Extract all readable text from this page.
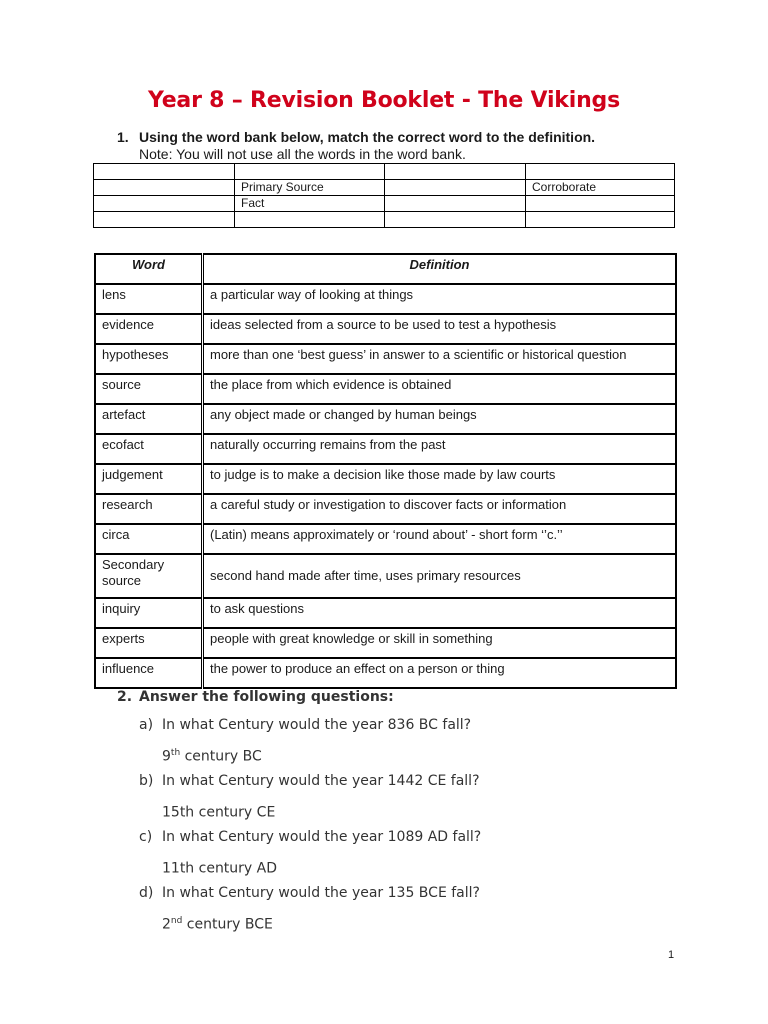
Year 8 – Revision Booklet - The Vikings
1. Using the word bank below, match the correct word to the definition.
Note: You will not use all the words in the word bank.

	Primary Source		Corroborate
	Fact		

Word	Definition
lens	a particular way of looking at things
evidence	ideas selected from a source to be used to test a hypothesis
hypotheses	more than one ‘best guess’ in answer to a scientific or historical question
source	the place from which evidence is obtained
artefact	any object made or changed by human beings
ecofact	naturally occurring remains from the past
judgement	to judge is to make a decision like those made by law courts
research	a careful study or investigation to discover facts or information
circa	(Latin) means approximately or ‘round about’ - short form ‘’c.’’
Secondary source	second hand made after time, uses primary resources
inquiry	to ask questions
experts	people with great knowledge or skill in something
influence	the power to produce an effect on a person or thing
2. Answer the following questions:
a) In what Century would the year 836 BC fall?
9th century BC
b) In what Century would the year 1442 CE fall?
15th century CE
c) In what Century would the year 1089 AD fall?
11th century AD
d) In what Century would the year 135 BCE fall?
2nd century BCE
1
